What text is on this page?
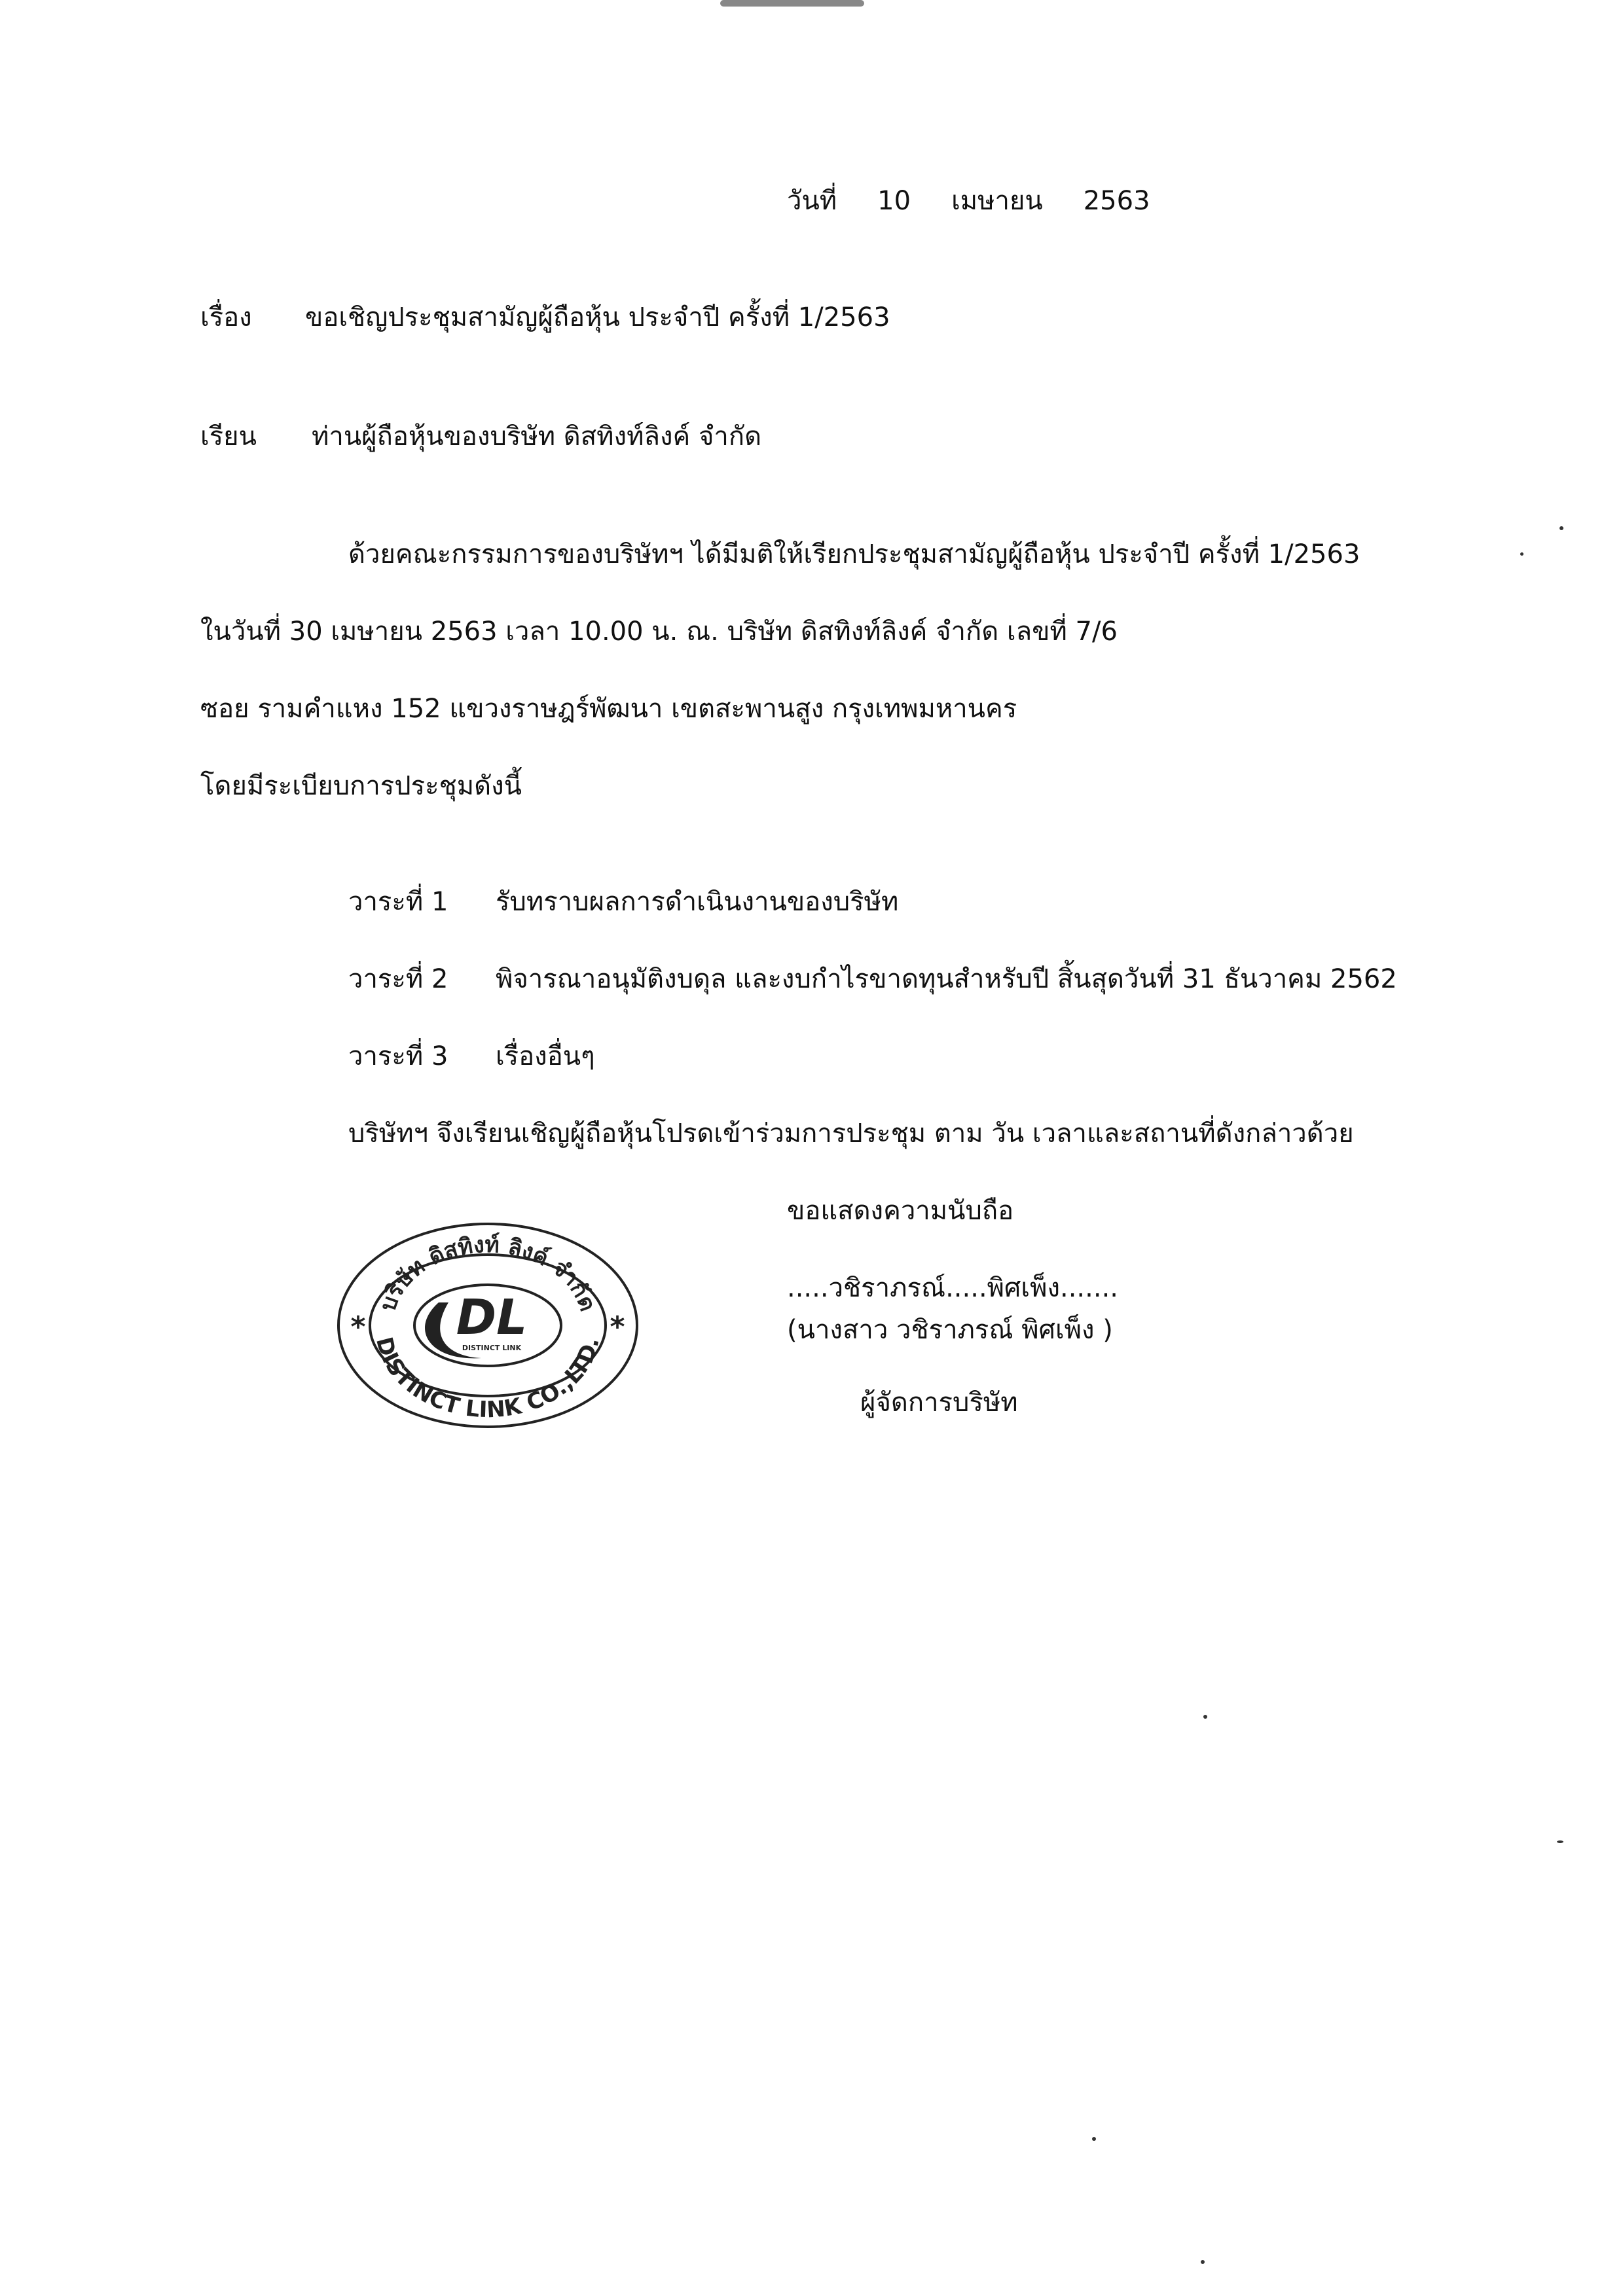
วันที่ 10 เมษายน 2563
เรื่อง ขอเชิญประชุมสามัญผู้ถือหุ้น ประจำปี ครั้งที่ 1/2563
เรียน ท่านผู้ถือหุ้นของบริษัท ดิสทิงท์ลิงค์ จำกัด
ด้วยคณะกรรมการของบริษัทฯ ได้มีมติให้เรียกประชุมสามัญผู้ถือหุ้น ประจำปี ครั้งที่ 1/2563
ในวันที่ 30 เมษายน 2563 เวลา 10.00 น. ณ. บริษัท ดิสทิงท์ลิงค์ จำกัด เลขที่ 7/6
ซอย รามคำแหง 152 แขวงราษฎร์พัฒนา เขตสะพานสูง กรุงเทพมหานคร
โดยมีระเบียบการประชุมดังนี้
วาระที่ 1 รับทราบผลการดำเนินงานของบริษัท
วาระที่ 2 พิจารณาอนุมัติงบดุล และงบกำไรขาดทุนสำหรับปี สิ้นสุดวันที่ 31 ธันวาคม 2562
วาระที่ 3 เรื่องอื่นๆ
บริษัทฯ จึงเรียนเชิญผู้ถือหุ้นโปรดเข้าร่วมการประชุม ตาม วัน เวลาและสถานที่ดังกล่าวด้วย
ขอแสดงความนับถือ
.....วชิราภรณ์.....พิศเพ็ง.......
(นางสาว วชิราภรณ์ พิศเพ็ง )
ผู้จัดการบริษัท
บริษัท ดิสทิงท์ ลิงค์ จำกัด
DISTINCT LINK CO.,LTD.
*	*
DL
DISTINCT LINK
